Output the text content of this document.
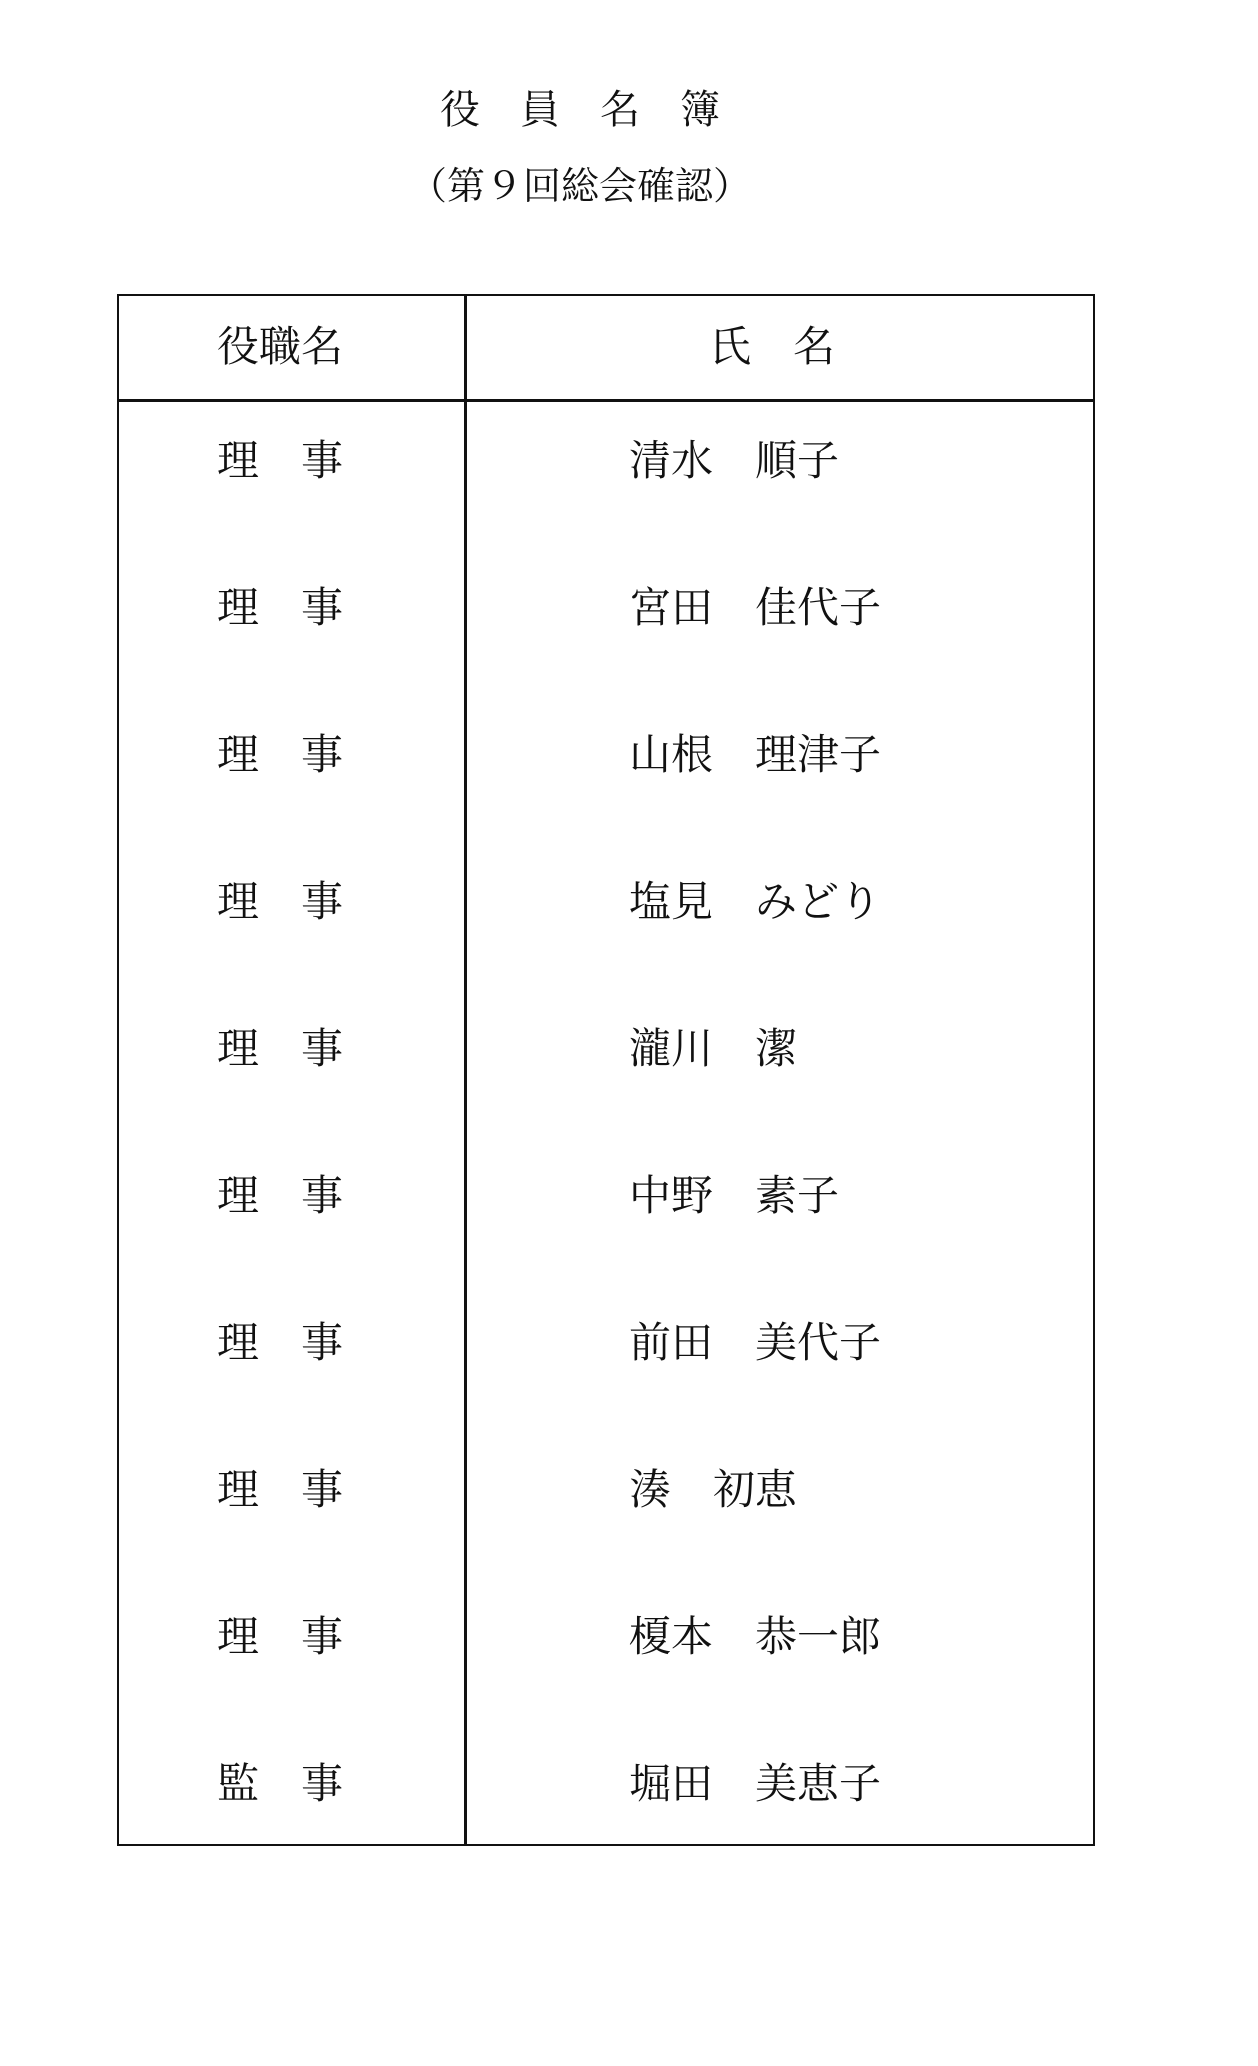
役　員　名　簿
（第９回総会確認）
役職名	氏　名
理　事	清水　順子
理　事	宮田　佳代子
理　事	山根　理津子
理　事	塩見　みどり
理　事	瀧川　潔
理　事	中野　素子
理　事	前田　美代子
理　事	湊　初恵
理　事	榎本　恭一郎
監　事	堀田　美恵子
